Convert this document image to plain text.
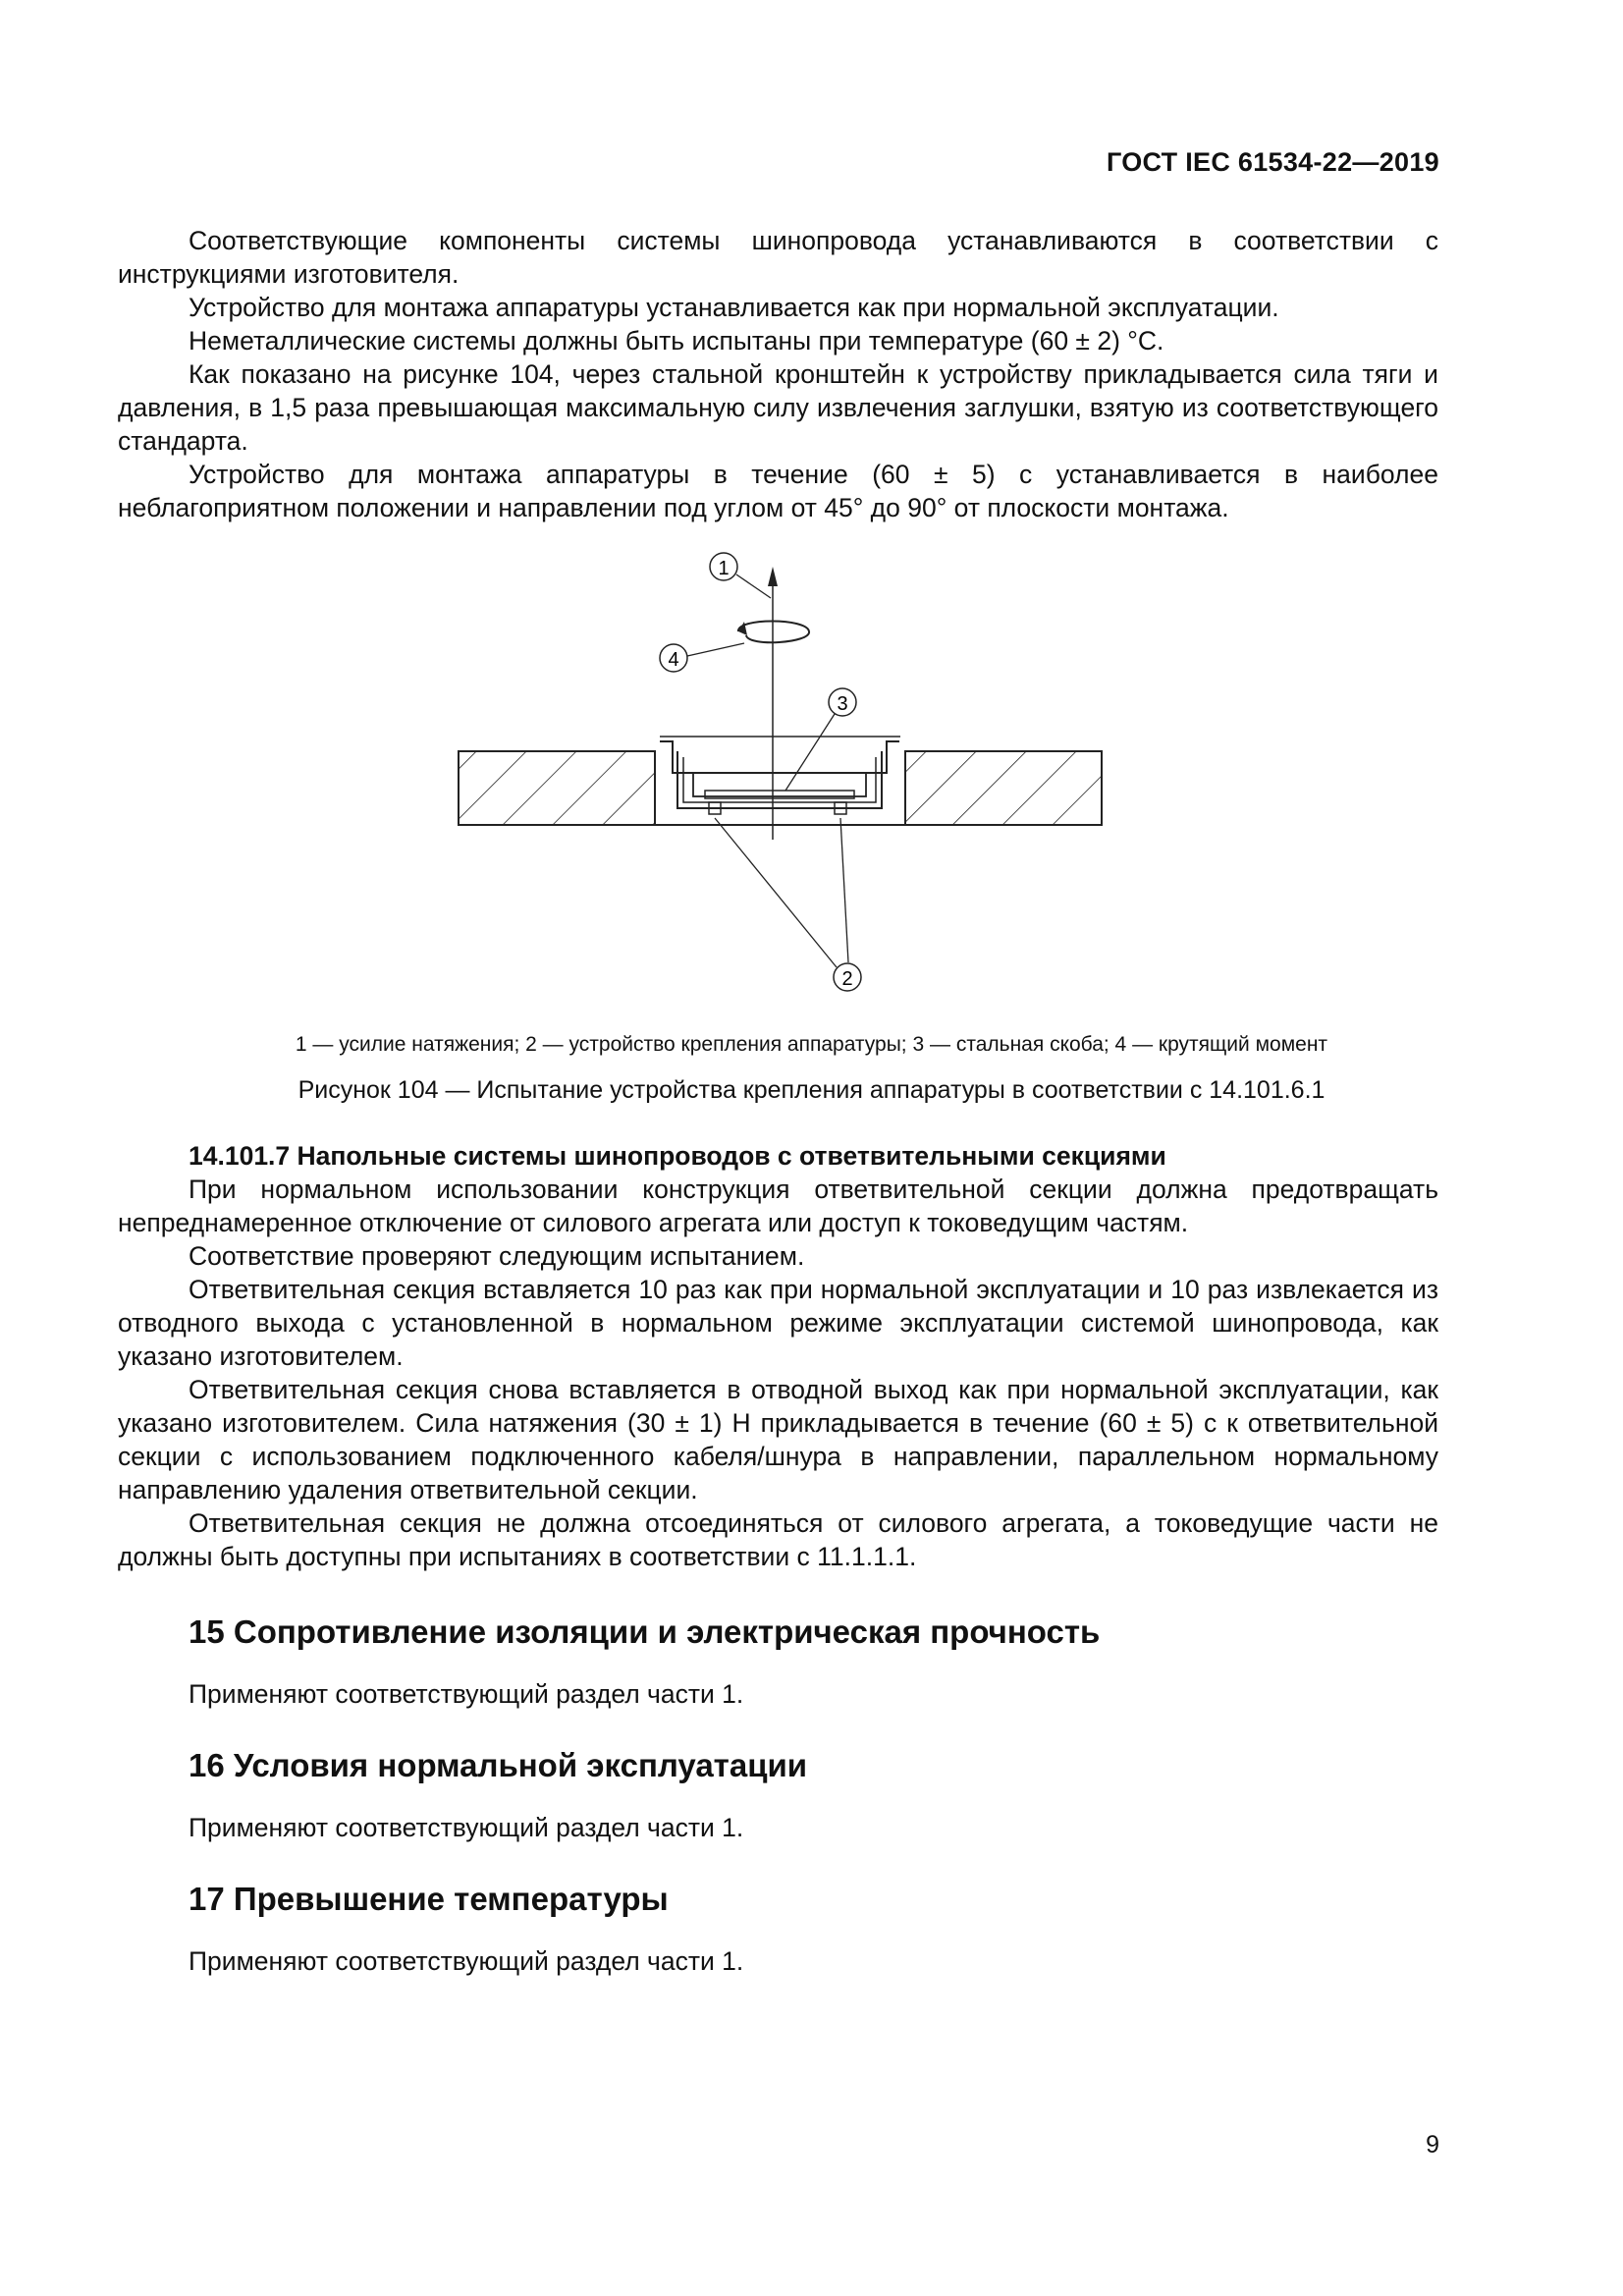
ГОСТ IEC 61534-22—2019

Соответствующие компоненты системы шинопровода устанавливаются в соответствии с инструкциями изготовителя.

Устройство для монтажа аппаратуры устанавливается как при нормальной эксплуатации.

Неметаллические системы должны быть испытаны при температуре (60 ± 2) °С.

Как показано на рисунке 104, через стальной кронштейн к устройству прикладывается сила тяги и давления, в 1,5 раза превышающая максимальную силу извлечения заглушки, взятую из соответствующего стандарта.

Устройство для монтажа аппаратуры в течение (60 ± 5) с устанавливается в наиболее неблагоприятном положении и направлении под углом от 45° до 90° от плоскости монтажа.

1
4
3
2
1 — усилие натяжения; 2 — устройство крепления аппаратуры; 3 — стальная скоба; 4 — крутящий момент
Рисунок 104 — Испытание устройства крепления аппаратуры в соответствии с 14.101.6.1

14.101.7 Напольные системы шинопроводов с ответвительными секциями

При нормальном использовании конструкция ответвительной секции должна предотвращать непреднамеренное отключение от силового агрегата или доступ к токоведущим частям.

Соответствие проверяют следующим испытанием.

Ответвительная секция вставляется 10 раз как при нормальной эксплуатации и 10 раз извлекается из отводного выхода с установленной в нормальном режиме эксплуатации системой шинопровода, как указано изготовителем.

Ответвительная секция снова вставляется в отводной выход как при нормальной эксплуатации, как указано изготовителем. Сила натяжения (30 ± 1) Н прикладывается в течение (60 ± 5) с к ответвительной секции с использованием подключенного кабеля/шнура в направлении, параллельном нормальному направлению удаления ответвительной секции.

Ответвительная секция не должна отсоединяться от силового агрегата, а токоведущие части не должны быть доступны при испытаниях в соответствии с 11.1.1.1.

15 Сопротивление изоляции и электрическая прочность

Применяют соответствующий раздел части 1.

16 Условия нормальной эксплуатации

Применяют соответствующий раздел части 1.

17 Превышение температуры

Применяют соответствующий раздел части 1.

9
